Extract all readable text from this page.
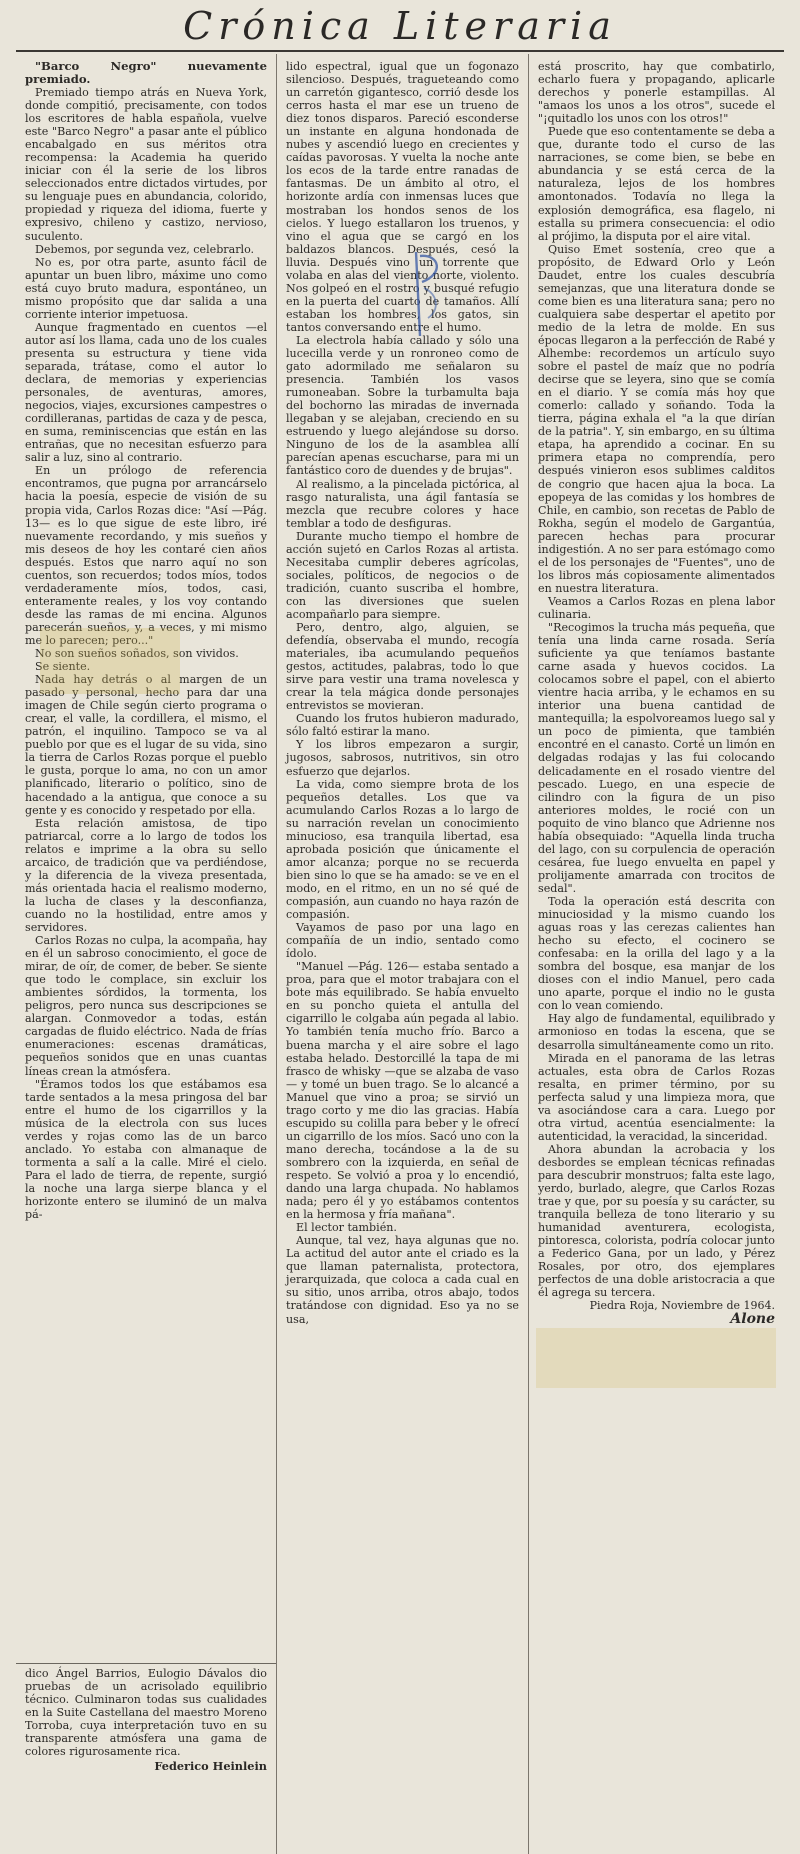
Crónica Literaria
"Barco Negro" nuevamente premiado.

Premiado tiempo atrás en Nueva York, donde compitió, precisamente, con todos los escritores de habla española, vuelve este "Barco Negro" a pasar ante el público encabalgado en sus méritos otra recompensa: la Academia ha querido iniciar con él la serie de los libros seleccionados entre dictados virtudes, por su lenguaje pues en abundancia, colorido, propiedad y riqueza del idioma, fuerte y expresivo, chileno y castizo, nervioso, suculento.

Debemos, por segunda vez, celebrarlo.

No es, por otra parte, asunto fácil de apuntar un buen libro, máxime uno como está cuyo bruto madura, espontáneo, un mismo propósito que dar salida a una corriente interior impetuosa.

Aunque fragmentado en cuentos —el autor así los llama, cada uno de los cuales presenta su estructura y tiene vida separada, trátase, como el autor lo declara, de memorias y experiencias personales, de aventuras, amores, negocios, viajes, excursiones campestres o cordilleranas, partidas de caza y de pesca, en suma, reminiscencias que están en las entrañas, que no necesitan esfuerzo para salir a luz, sino al contrario.

En un prólogo de referencia encontramos, que pugna por arrancárselo hacia la poesía, especie de visión de su propia vida, Carlos Rozas dice: "Así —Pág. 13— es lo que sigue de este libro, iré nuevamente recordando, y mis sueños y mis deseos de hoy les contaré cien años después. Estos que narro aquí no son cuentos, son recuerdos; todos míos, todos verdaderamente míos, todos, casi, enteramente reales, y los voy contando desde las ramas de mi encina. Algunos parecerán sueños, y, a veces, y mi mismo me lo parecen; pero..."

No son sueños soñados, son vividos.

Se siente.

Nada hay detrás o al margen de un pasado y personal, hecho para dar una imagen de Chile según cierto programa o crear, el valle, la cordillera, el mismo, el patrón, el inquilino. Tampoco se va al pueblo por que es el lugar de su vida, sino la tierra de Carlos Rozas porque el pueblo le gusta, porque lo ama, no con un amor planificado, literario o político, sino de hacendado a la antigua, que conoce a su gente y es conocido y respetado por ella.

Esta relación amistosa, de tipo patriarcal, corre a lo largo de todos los relatos e imprime a la obra su sello arcaico, de tradición que va perdiéndose, y la diferencia de la viveza presentada, más orientada hacia el realismo moderno, la lucha de clases y la desconfianza, cuando no la hostilidad, entre amos y servidores.

Carlos Rozas no culpa, la acompaña, hay en él un sabroso conocimiento, el goce de mirar, de oír, de comer, de beber. Se siente que todo le complace, sin excluir los ambientes sórdidos, la tormenta, los peligros, pero nunca sus descripciones se alargan. Conmovedor a todas, están cargadas de fluido eléctrico. Nada de frías enumeraciones: escenas dramáticas, pequeños sonidos que en unas cuantas líneas crean la atmósfera.

"Éramos todos los que estábamos esa tarde sentados a la mesa pringosa del bar entre el humo de los cigarrillos y la música de la electrola con sus luces verdes y rojas como las de un barco anclado. Yo estaba con almanaque de tormenta a salí a la calle. Miré el cielo. Para el lado de tierra, de repente, surgió la noche una larga sierpe blanca y el horizonte entero se iluminó de un malva pá-

dico Ángel Barrios, Eulogio Dávalos dio pruebas de un acrisolado equilibrio técnico. Culminaron todas sus cualidades en la Suite Castellana del maestro Moreno Torroba, cuya interpretación tuvo en su transparente atmósfera una gama de colores rigurosamente rica.

Federico Heinlein

lido espectral, igual que un fogonazo silencioso. Después, tragueteando como un carretón gigantesco, corrió desde los cerros hasta el mar ese un trueno de diez tonos disparos. Pareció esconderse un instante en alguna hondonada de nubes y ascendió luego en crecientes y caídas pavorosas. Y vuelta la noche ante los ecos de la tarde entre ranadas de fantasmas. De un ámbito al otro, el horizonte ardía con inmensas luces que mostraban los hondos senos de los cielos. Y luego estallaron los truenos, y vino el agua que se cargó en los baldazos blancos. Después, cesó la lluvia. Después vino un torrente que volaba en alas del viento norte, violento. Nos golpeó en el rostro y busqué refugio en la puerta del cuarto de tamaños. Allí estaban los hombres, los gatos, sin tantos conversando entre el humo.

La electrola había callado y sólo una lucecilla verde y un ronroneo como de gato adormilado me señalaron su presencia. También los vasos rumoneaban. Sobre la turbamulta baja del bochorno las miradas de invernada llegaban y se alejaban, creciendo en su estruendo y luego alejándose su dorso. Ninguno de los de la asamblea allí parecían apenas escucharse, para mi un fantástico coro de duendes y de brujas".

Al realismo, a la pincelada pictórica, al rasgo naturalista, una ágil fantasía se mezcla que recubre colores y hace temblar a todo de desfiguras.

Durante mucho tiempo el hombre de acción sujetó en Carlos Rozas al artista. Necesitaba cumplir deberes agrícolas, sociales, políticos, de negocios o de tradición, cuanto suscriba el hombre, con las diversiones que suelen acompañarlo para siempre.

Pero, dentro, algo, alguien, se defendía, observaba el mundo, recogía materiales, iba acumulando pequeños gestos, actitudes, palabras, todo lo que sirve para vestir una trama novelesca y crear la tela mágica donde personajes entrevistos se movieran.

Cuando los frutos hubieron madurado, sólo faltó estirar la mano.

Y los libros empezaron a surgir, jugosos, sabrosos, nutritivos, sin otro esfuerzo que dejarlos.

La vida, como siempre brota de los pequeños detalles. Los que va acumulando Carlos Rozas a lo largo de su narración revelan un conocimiento minucioso, esa tranquila libertad, esa aprobada posición que únicamente el amor alcanza; porque no se recuerda bien sino lo que se ha amado: se ve en el modo, en el ritmo, en un no sé qué de compasión, aun cuando no haya razón de compasión.

Vayamos de paso por una lago en compañía de un indio, sentado como ídolo.

"Manuel —Pág. 126— estaba sentado a proa, para que el motor trabajara con el bote más equilibrado. Se había envuelto en su poncho quieta el antulla del cigarrillo le colgaba aún pegada al labio. Yo también tenía mucho frío. Barco a buena marcha y el aire sobre el lago estaba helado. Destorcillé la tapa de mi frasco de whisky —que se alzaba de vaso— y tomé un buen trago. Se lo alcancé a Manuel que vino a proa; se sirvió un trago corto y me dio las gracias. Había escupido su colilla para beber y le ofrecí un cigarrillo de los míos. Sacó uno con la mano derecha, tocándose a la de su sombrero con la izquierda, en señal de respeto. Se volvió a proa y lo encendió, dando una larga chupada. No hablamos nada; pero él y yo estábamos contentos en la hermosa y fría mañana".

El lector también.

Aunque, tal vez, haya algunas que no. La actitud del autor ante el criado es la que llaman paternalista, protectora, jerarquizada, que coloca a cada cual en su sitio, unos arriba, otros abajo, todos tratándose con dignidad. Eso ya no se usa,

está proscrito, hay que combatirlo, echarlo fuera y propagando, aplicarle derechos y ponerle estampillas. Al "amaos los unos a los otros", sucede el "¡quitadlo los unos con los otros!"

Puede que eso contentamente se deba a que, durante todo el curso de las narraciones, se come bien, se bebe en abundancia y se está cerca de la naturaleza, lejos de los hombres amontonados. Todavía no llega la explosión demográfica, esa flagelo, ni estalla su primera consecuencia: el odio al prójimo, la disputa por el aire vital.

Quiso Emet sostenía, creo que a propósito, de Edward Orlo y León Daudet, entre los cuales descubría semejanzas, que una literatura donde se come bien es una literatura sana; pero no cualquiera sabe despertar el apetito por medio de la letra de molde. En sus épocas llegaron a la perfección de Rabé y Alhembe: recordemos un artículo suyo sobre el pastel de maíz que no podría decirse que se leyera, sino que se comía en el diario. Y se comía más hoy que comerlo: callado y soñando. Toda la tierra, página exhala el "a la que dirían de la patria". Y, sin embargo, en su última etapa, ha aprendido a cocinar. En su primera etapa no comprendía, pero después vinieron esos sublimes calditos de congrio que hacen ajua la boca. La epopeya de las comidas y los hombres de Chile, en cambio, son recetas de Pablo de Rokha, según el modelo de Gargantúa, parecen hechas para procurar indigestión. A no ser para estómago como el de los personajes de "Fuentes", uno de los libros más copiosamente alimentados en nuestra literatura.

Veamos a Carlos Rozas en plena labor culinaria.

"Recogimos la trucha más pequeña, que tenía una linda carne rosada. Sería suficiente ya que teníamos bastante carne asada y huevos cocidos. La colocamos sobre el papel, con el abierto vientre hacia arriba, y le echamos en su interior una buena cantidad de mantequilla; la espolvoreamos luego sal y un poco de pimienta, que también encontré en el canasto. Corté un limón en delgadas rodajas y las fui colocando delicadamente en el rosado vientre del pescado. Luego, en una especie de cilindro con la figura de un piso anteriores moldes, le rocié con un poquito de vino blanco que Adrienne nos había obsequiado: "Aquella linda trucha del lago, con su corpulencia de operación cesárea, fue luego envuelta en papel y prolijamente amarrada con trocitos de sedal".

Toda la operación está descrita con minuciosidad y la mismo cuando los aguas roas y las cerezas calientes han hecho su efecto, el cocinero se confesaba: en la orilla del lago y a la sombra del bosque, esa manjar de los dioses con el indio Manuel, pero cada uno aparte, porque el indio no le gusta con lo vean comiendo.

Hay algo de fundamental, equilibrado y armonioso en todas la escena, que se desarrolla simultáneamente como un rito.

Mirada en el panorama de las letras actuales, esta obra de Carlos Rozas resalta, en primer término, por su perfecta salud y una limpieza mora, que va asociándose cara a cara. Luego por otra virtud, acentúa esencialmente: la autenticidad, la veracidad, la sinceridad.

Ahora abundan la acrobacia y los desbordes se emplean técnicas refinadas para descubrir monstruos; falta este lago, yerdo, burlado, alegre, que Carlos Rozas trae y que, por su poesía y su carácter, su tranquila belleza de tono literario y su humanidad aventurera, ecologista, pintoresca, colorista, podría colocar junto a Federico Gana, por un lado, y Pérez Rosales, por otro, dos ejemplares perfectos de una doble aristocracia a que él agrega su tercera.

Piedra Roja, Noviembre de 1964.

Alone
